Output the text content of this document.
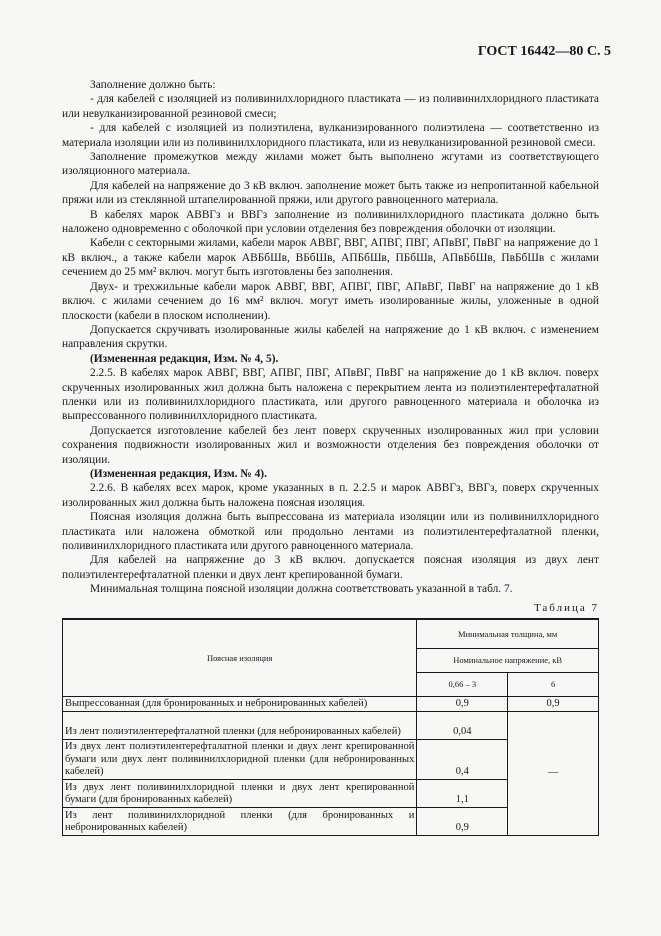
ГОСТ 16442—80 С. 5

Заполнение должно быть:

- для кабелей с изоляцией из поливинилхлоридного пластиката — из поливинилхлоридного пластиката или невулканизированной резиновой смеси;

- для кабелей с изоляцией из полиэтилена, вулканизированного полиэтилена — соответственно из материала изоляции или из поливинилхлоридного пластиката, или из невулканизированной резиновой смеси.

Заполнение промежутков между жилами может быть выполнено жгутами из соответствующего изоляционного материала.

Для кабелей на напряжение до 3 кВ включ. заполнение может быть также из непропитанной кабельной пряжи или из стеклянной штапелированной пряжи, или другого равноценного материала.

В кабелях марок АВВГз и ВВГз заполнение из поливинилхлоридного пластиката должно быть наложено одновременно с оболочкой при условии отделения без повреждения оболочки от изоляции.

Кабели с секторными жилами, кабели марок АВВГ, ВВГ, АПВГ, ПВГ, АПвВГ, ПвВГ на напряжение до 1 кВ включ., а также кабели марок АВБбШв, ВБбШв, АПБбШв, ПБбШв, АПвБбШв, ПвБбШв с жилами сечением до 25 мм² включ. могут быть изготовлены без заполнения.

Двух- и трехжильные кабели марок АВВГ, ВВГ, АПВГ, ПВГ, АПвВГ, ПвВГ на напряжение до 1 кВ включ. с жилами сечением до 16 мм² включ. могут иметь изолированные жилы, уложенные в одной плоскости (кабели в плоском исполнении).

Допускается скручивать изолированные жилы кабелей на напряжение до 1 кВ включ. с изменением направления скрутки.

(Измененная редакция, Изм. № 4, 5).

2.2.5. В кабелях марок АВВГ, ВВГ, АПВГ, ПВГ, АПвВГ, ПвВГ на напряжение до 1 кВ включ. поверх скрученных изолированных жил должна быть наложена с перекрытием лента из полиэтилентерефталатной пленки или из поливинилхлоридного пластиката, или другого равноценного материала и оболочка из выпрессованного поливинилхлоридного пластиката.

Допускается изготовление кабелей без лент поверх скрученных изолированных жил при условии сохранения подвижности изолированных жил и возможности отделения без повреждения оболочки от изоляции.

(Измененная редакция, Изм. № 4).

2.2.6. В кабелях всех марок, кроме указанных в п. 2.2.5 и марок АВВГз, ВВГз, поверх скрученных изолированных жил должна быть наложена поясная изоляция.

Поясная изоляция должна быть выпрессована из материала изоляции или из поливинилхлоридного пластиката или наложена обмоткой или продольно лентами из полиэтилентерефталатной пленки, поливинилхлоридного пластиката или другого равноценного материала.

Для кабелей на напряжение до 3 кВ включ. допускается поясная изоляция из двух лент полиэтилентерефталатной пленки и двух лент крепированной бумаги.

Минимальная толщина поясной изоляции должна соответствовать указанной в табл. 7.

Таблица 7
Поясная изоляция	Минимальная толщина, мм	
	Номинальное напряжение, кВ	
	0,66 – 3	6
Выпрессованная (для бронированных и небронированных кабелей)	0,9	0,9
Из лент полиэтилентерефталатной пленки (для небронированных кабелей)	0,04	—
Из двух лент полиэтилентерефталатной пленки и двух лент крепированной бумаги или двух лент поливинилхлоридной пленки (для небронированных кабелей)	0,4	
Из двух лент поливинилхлоридной пленки и двух лент крепированной бумаги (для бронированных кабелей)	1,1	
Из лент поливинилхлоридной пленки (для бронированных и небронированных кабелей)	0,9	
